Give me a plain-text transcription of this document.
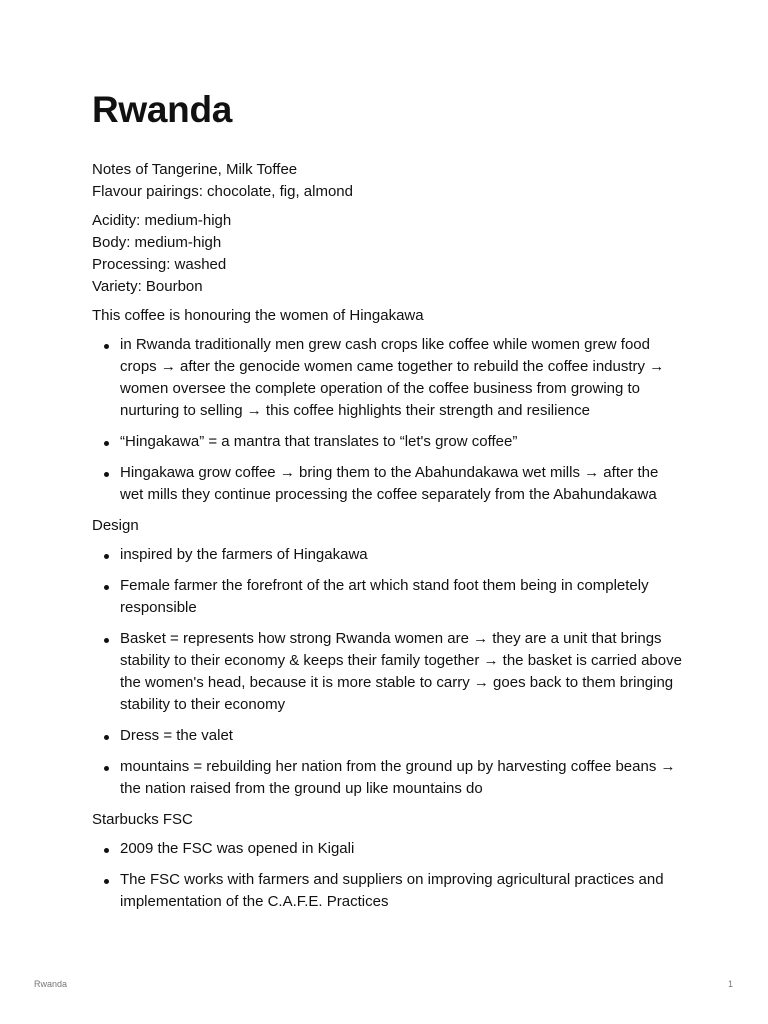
Rwanda

Notes of Tangerine, Milk Toffee
Flavour pairings: chocolate, fig, almond

Acidity: medium-high
Body: medium-high
Processing: washed
Variety: Bourbon

This coffee is honouring the women of Hingakawa

in Rwanda traditionally men grew cash crops like coffee while women grew food crops → after the genocide women came together to rebuild the coffee industry → women oversee the complete operation of the coffee business from growing to nurturing to selling → this coffee highlights their strength and resilience
“Hingakawa” = a mantra that translates to “let's grow coffee”
Hingakawa grow coffee → bring them to the Abahundakawa wet mills → after the wet mills they continue processing the coffee separately from the Abahundakawa

Design

inspired by the farmers of Hingakawa
Female farmer the forefront of the art which stand foot them being in completely responsible
Basket = represents how strong Rwanda women are → they are a unit that brings stability to their economy & keeps their family together → the basket is carried above the women's head, because it is more stable to carry → goes back to them bringing stability to their economy
Dress = the valet
mountains = rebuilding her nation from the ground up by harvesting coffee beans → the nation raised from the ground up like mountains do

Starbucks FSC

2009 the FSC was opened in Kigali
The FSC works with farmers and suppliers on improving agricultural practices and implementation of the C.A.F.E. Practices
Rwanda	1
